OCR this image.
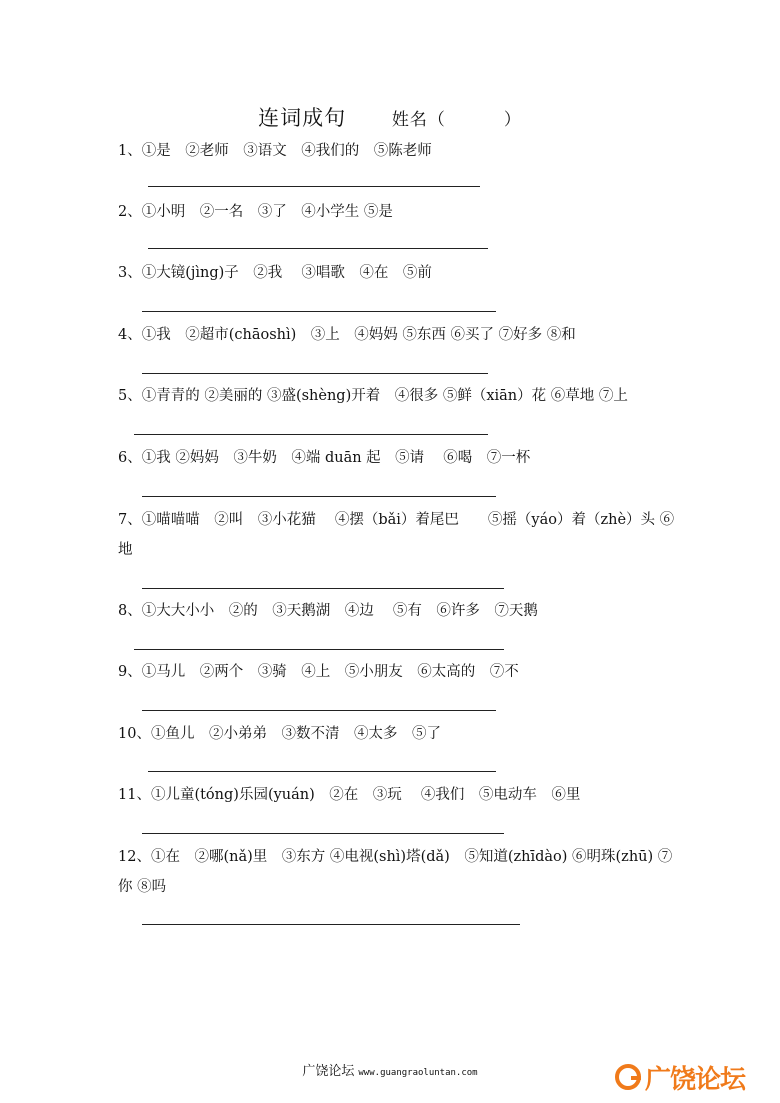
连词成句	姓名（	）
1、①是　②老师　③语文　④我们的　⑤陈老师
2、①小明　②一名　③了　④小学生 ⑤是
3、①大镜(jìng)子　②我　 ③唱歌　④在　⑤前
4、①我　②超市(chāoshì)　③上　④妈妈 ⑤东西 ⑥买了 ⑦好多 ⑧和
5、①青青的 ②美丽的 ③盛(shèng)开着　④很多 ⑤鲜（xiān）花 ⑥草地 ⑦上
6、①我 ②妈妈　③牛奶　④端 duān 起　⑤请　 ⑥喝　⑦一杯
7、①喵喵喵　②叫　③小花猫　 ④摆（bǎi）着尾巴　　⑤摇（yáo）着（zhè）头 ⑥地
8、①大大小小　②的　③天鹅湖　④边　 ⑤有　⑥许多　⑦天鹅
9、①马儿　②两个　③骑　④上　⑤小朋友　⑥太高的　⑦不
10、①鱼儿　②小弟弟　③数不清　④太多　⑤了
11、①儿童(tóng)乐园(yuán)　②在　③玩　 ④我们　⑤电动车　⑥里
12、①在　②哪(nǎ)里　③东方 ④电视(shì)塔(dǎ)　⑤知道(zhīdào) ⑥明珠(zhū) ⑦你 ⑧吗
广饶论坛 www.guangraoluntan.com	广饶论坛
